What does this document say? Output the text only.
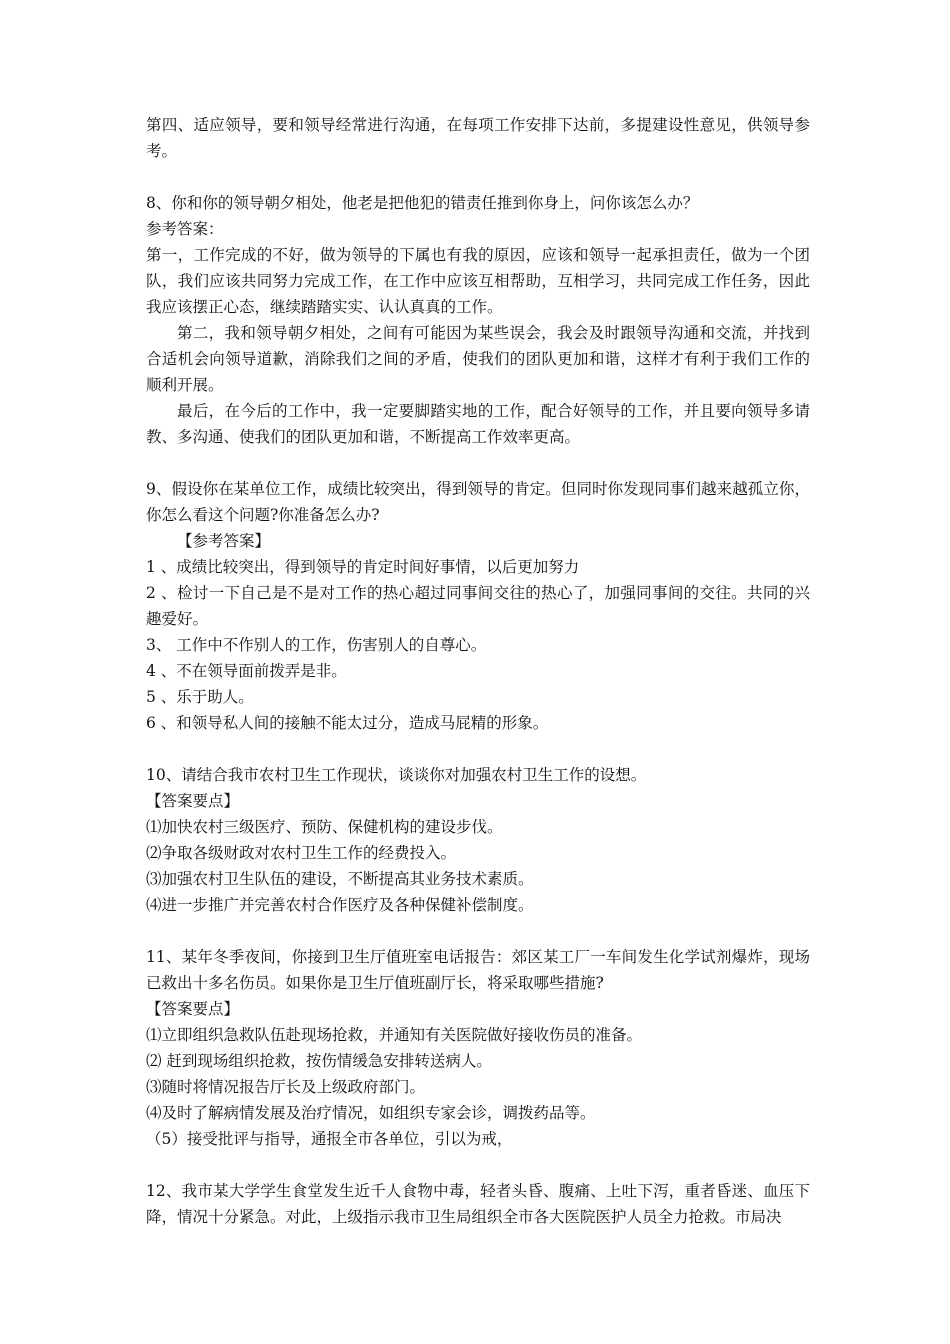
第四、适应领导，要和领导经常进行沟通，在每项工作安排下达前，多提建设性意见，供领导参考。

8、你和你的领导朝夕相处，他老是把他犯的错责任推到你身上，问你该怎么办？

参考答案：

第一，工作完成的不好，做为领导的下属也有我的原因，应该和领导一起承担责任，做为一个团队，我们应该共同努力完成工作，在工作中应该互相帮助，互相学习，共同完成工作任务，因此我应该摆正心态，继续踏踏实实、认认真真的工作。

第二，我和领导朝夕相处，之间有可能因为某些误会，我会及时跟领导沟通和交流，并找到合适机会向领导道歉，消除我们之间的矛盾，使我们的团队更加和谐，这样才有利于我们工作的顺利开展。

最后，在今后的工作中，我一定要脚踏实地的工作，配合好领导的工作，并且要向领导多请教、多沟通、使我们的团队更加和谐，不断提高工作效率更高。

9、假设你在某单位工作，成绩比较突出，得到领导的肯定。但同时你发现同事们越来越孤立你，你怎么看这个问题?你准备怎么办?

【参考答案】

1 、成绩比较突出，得到领导的肯定时间好事情，以后更加努力

2 、检讨一下自己是不是对工作的热心超过同事间交往的热心了，加强同事间的交往。共同的兴趣爱好。

3、 工作中不作别人的工作，伤害别人的自尊心。

4 、不在领导面前拨弄是非。

5 、乐于助人。

6 、和领导私人间的接触不能太过分，造成马屁精的形象。

10、请结合我市农村卫生工作现状，谈谈你对加强农村卫生工作的设想。

【答案要点】

⑴加快农村三级医疗、预防、保健机构的建设步伐。

⑵争取各级财政对农村卫生工作的经费投入。

⑶加强农村卫生队伍的建设，不断提高其业务技术素质。

⑷进一步推广并完善农村合作医疗及各种保健补偿制度。

11、某年冬季夜间，你接到卫生厅值班室电话报告：郊区某工厂一车间发生化学试剂爆炸，现场已救出十多名伤员。如果你是卫生厅值班副厅长，将采取哪些措施?

【答案要点】

⑴立即组织急救队伍赴现场抢救，并通知有关医院做好接收伤员的准备。

⑵ 赶到现场组织抢救，按伤情缓急安排转送病人。

⑶随时将情况报告厅长及上级政府部门。

⑷及时了解病情发展及治疗情况，如组织专家会诊，调拨药品等。

（5）接受批评与指导，通报全市各单位，引以为戒，

12、我市某大学学生食堂发生近千人食物中毒，轻者头昏、腹痛、上吐下泻，重者昏迷、血压下降，情况十分紧急。对此，上级指示我市卫生局组织全市各大医院医护人员全力抢救。市局决
